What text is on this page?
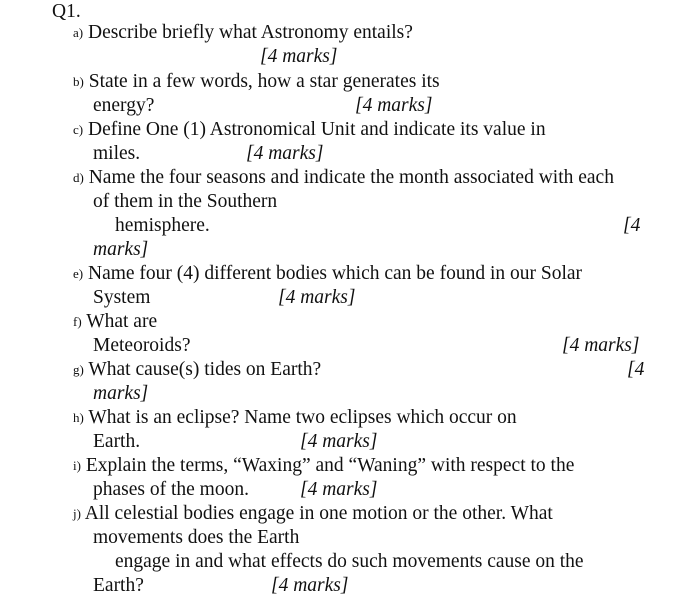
Q1.
a) Describe briefly what Astronomy entails?
[4 marks]
b) State in a few words, how a star generates its
energy?	[4 marks]
c) Define One (1) Astronomical Unit and indicate its value in
miles.	[4 marks]
d) Name the four seasons and indicate the month associated with each
of them in the Southern
hemisphere.	[4
marks]
e) Name four (4) different bodies which can be found in our Solar
System	[4 marks]
f) What are
Meteoroids?	[4 marks]
g) What cause(s) tides on Earth?	[4
marks]
h) What is an eclipse? Name two eclipses which occur on
Earth.	[4 marks]
i) Explain the terms, “Waxing” and “Waning” with respect to the
phases of the moon.	[4 marks]
j) All celestial bodies engage in one motion or the other. What
movements does the Earth
engage in and what effects do such movements cause on the
Earth?	[4 marks]
